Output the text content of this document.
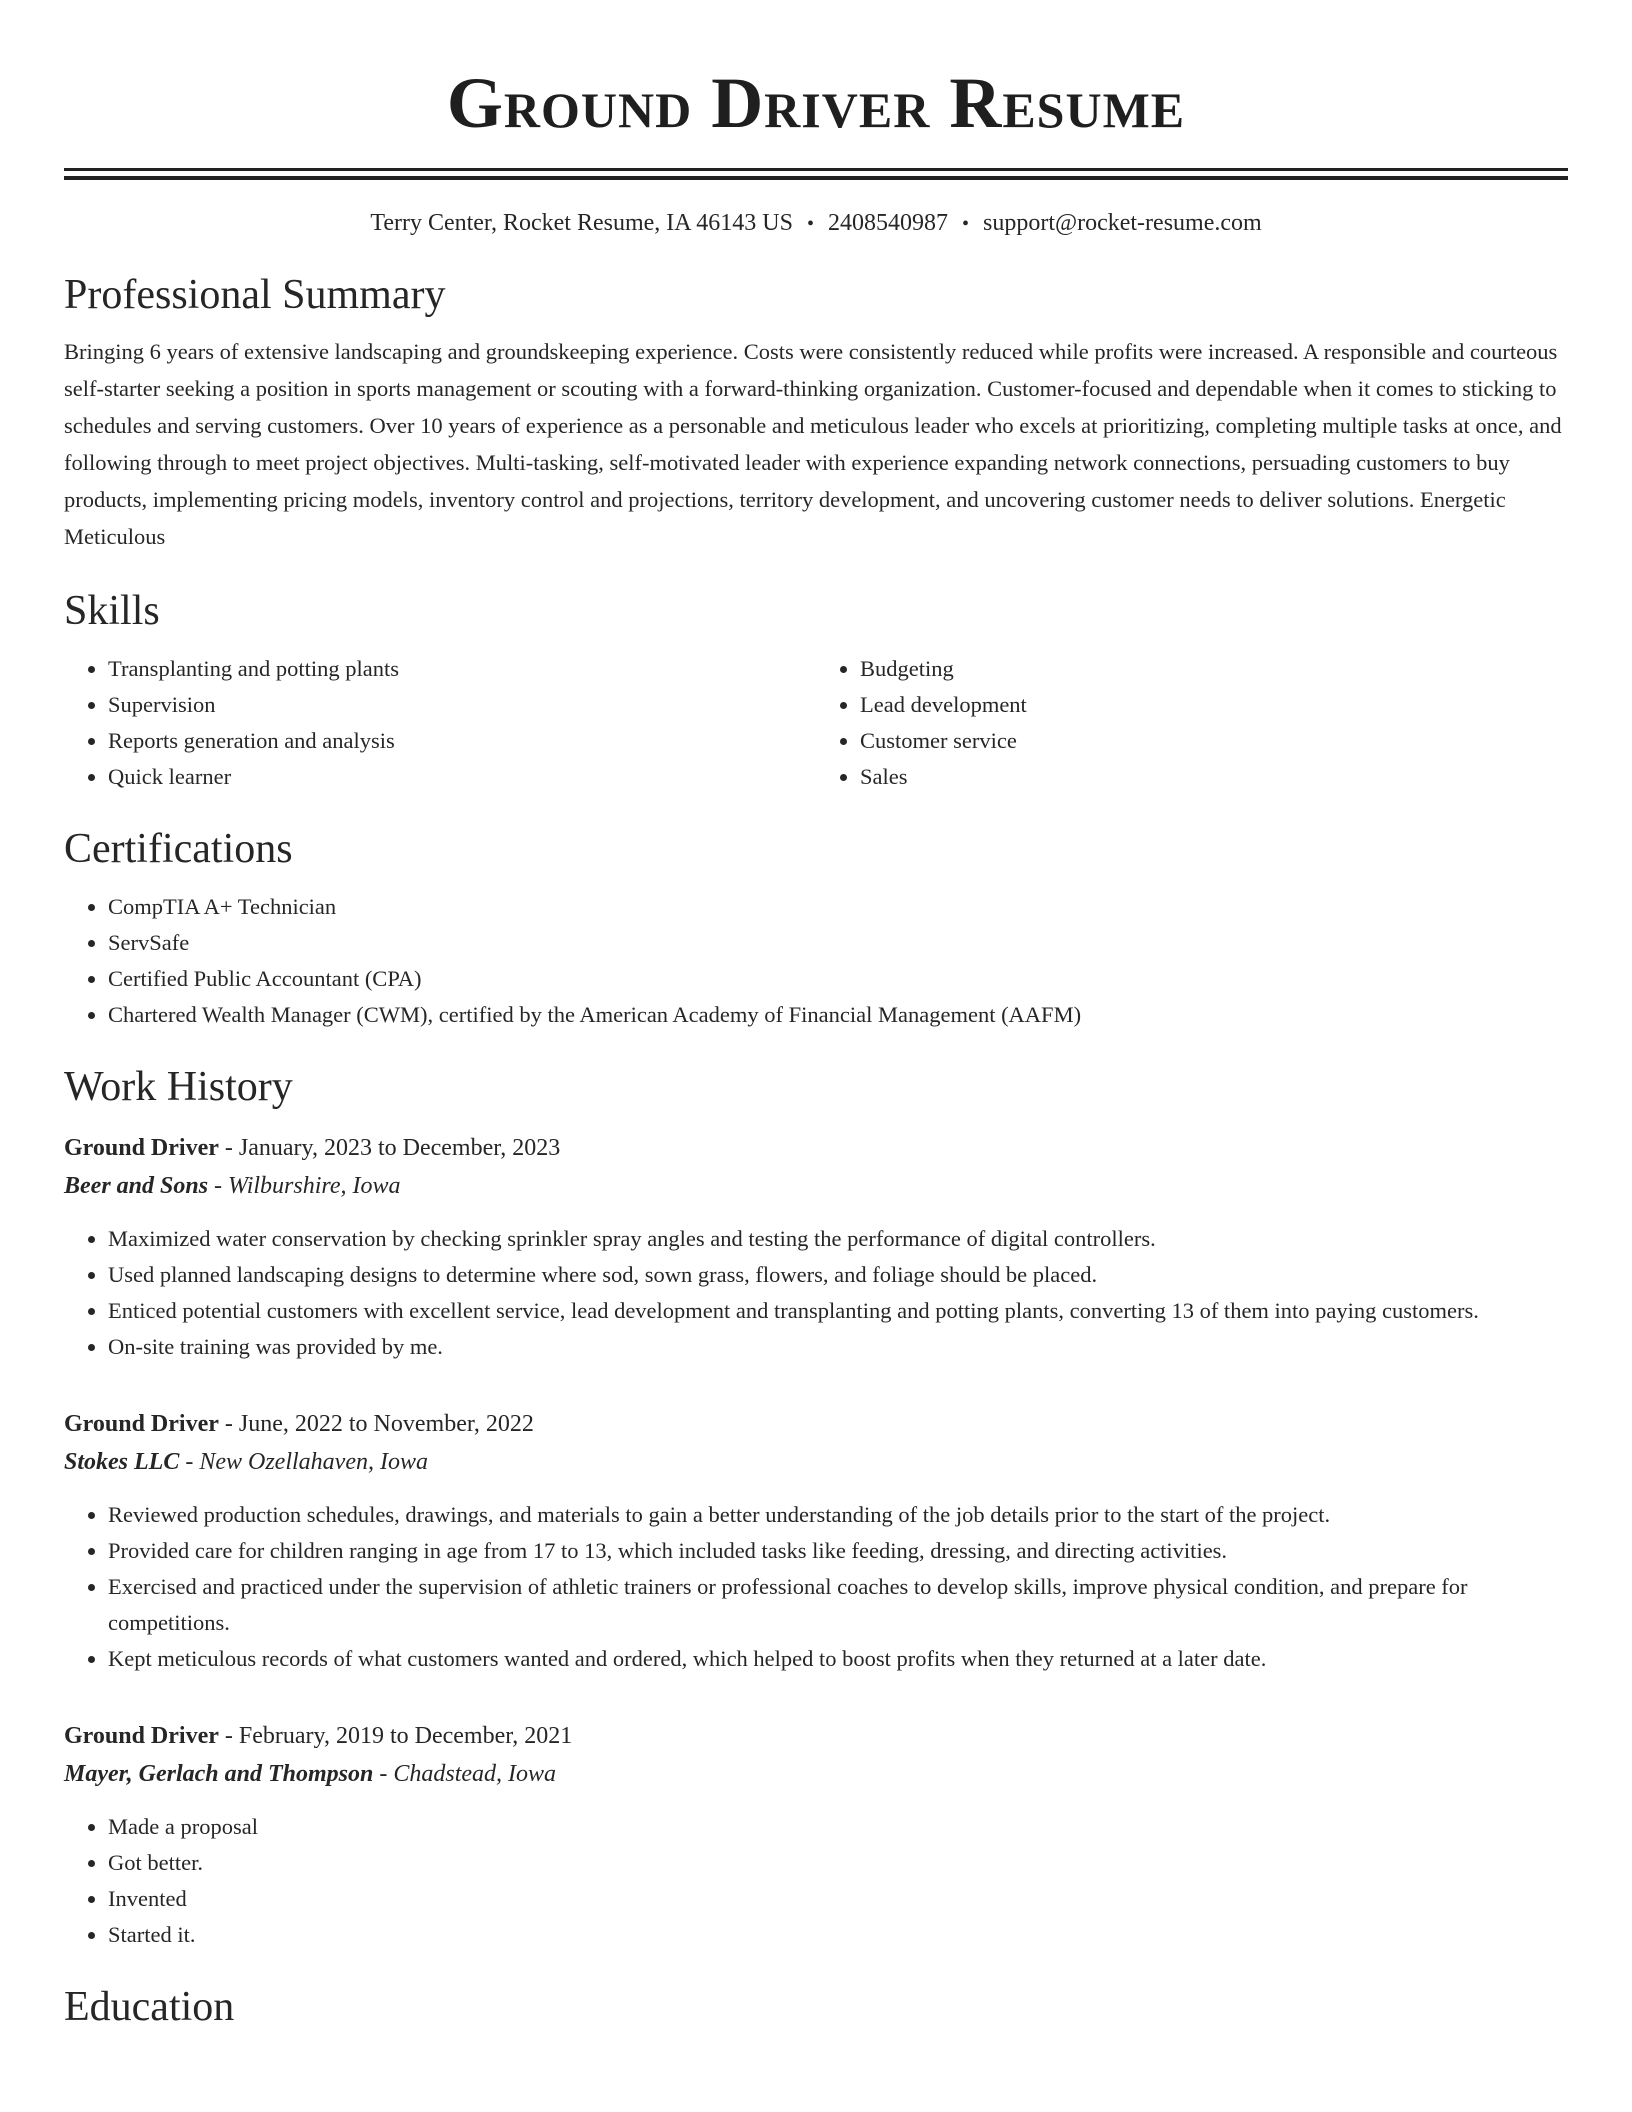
Ground Driver Resume
Terry Center, Rocket Resume, IA 46143 US • 2408540987 • support@rocket-resume.com
Professional Summary

Bringing 6 years of extensive landscaping and groundskeeping experience. Costs were consistently reduced while profits were increased. A responsible and courteous self-starter seeking a position in sports management or scouting with a forward-thinking organization. Customer-focused and dependable when it comes to sticking to schedules and serving customers. Over 10 years of experience as a personable and meticulous leader who excels at prioritizing, completing multiple tasks at once, and following through to meet project objectives. Multi-tasking, self-motivated leader with experience expanding network connections, persuading customers to buy products, implementing pricing models, inventory control and projections, territory development, and uncovering customer needs to deliver solutions. Energetic Meticulous

Skills
• Transplanting and potting plants
• Supervision
• Reports generation and analysis
• Quick learner
• Budgeting
• Lead development
• Customer service
• Sales
Certifications
• CompTIA A+ Technician
• ServSafe
• Certified Public Accountant (CPA)
• Chartered Wealth Manager (CWM), certified by the American Academy of Financial Management (AAFM)
Work History
Ground Driver - January, 2023 to December, 2023
Beer and Sons - Wilburshire, Iowa
• Maximized water conservation by checking sprinkler spray angles and testing the performance of digital controllers.
• Used planned landscaping designs to determine where sod, sown grass, flowers, and foliage should be placed.
• Enticed potential customers with excellent service, lead development and transplanting and potting plants, converting 13 of them into paying customers.
• On-site training was provided by me.
Ground Driver - June, 2022 to November, 2022
Stokes LLC - New Ozellahaven, Iowa
• Reviewed production schedules, drawings, and materials to gain a better understanding of the job details prior to the start of the project.
• Provided care for children ranging in age from 17 to 13, which included tasks like feeding, dressing, and directing activities.
• Exercised and practiced under the supervision of athletic trainers or professional coaches to develop skills, improve physical condition, and prepare for competitions.
• Kept meticulous records of what customers wanted and ordered, which helped to boost profits when they returned at a later date.
Ground Driver - February, 2019 to December, 2021
Mayer, Gerlach and Thompson - Chadstead, Iowa
• Made a proposal
• Got better.
• Invented
• Started it.
Education
